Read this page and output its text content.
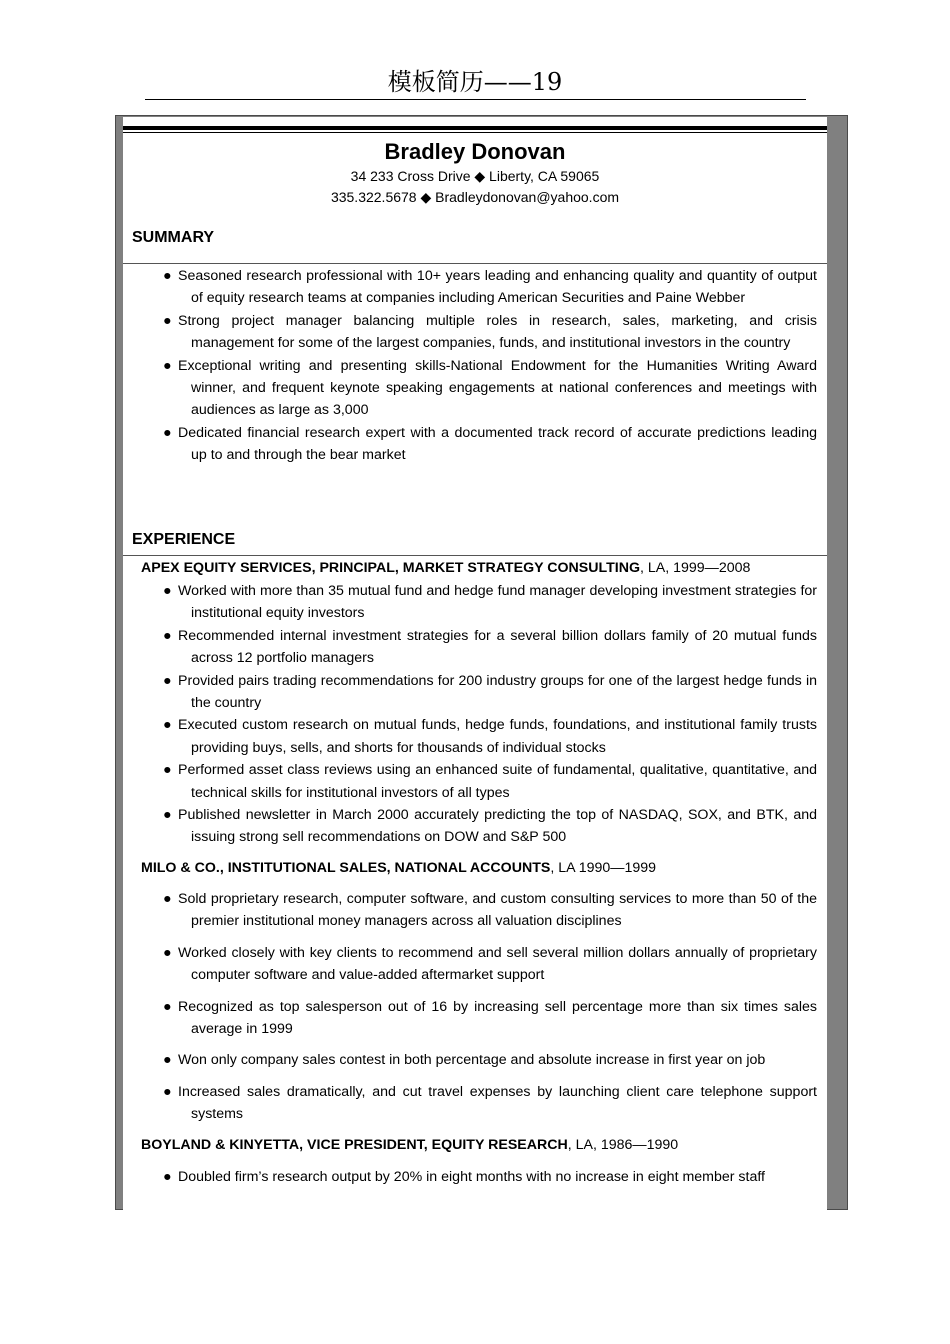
模板简历——19
Bradley Donovan
34 233 Cross Drive ◆ Liberty, CA 59065
335.322.5678 ◆ Bradleydonovan@yahoo.com
SUMMARY
● Seasoned research professional with 10+ years leading and enhancing quality and quantity of output of equity research teams at companies including American Securities and Paine Webber
● Strong project manager balancing multiple roles in research, sales, marketing, and crisis management for some of the largest companies, funds, and institutional investors in the country
● Exceptional writing and presenting skills-National Endowment for the Humanities Writing Award winner, and frequent keynote speaking engagements at national conferences and meetings with audiences as large as 3,000
● Dedicated financial research expert with a documented track record of accurate predictions leading up to and through the bear market
EXPERIENCE
APEX EQUITY SERVICES, PRINCIPAL, MARKET STRATEGY CONSULTING, LA, 1999—2008
● Worked with more than 35 mutual fund and hedge fund manager developing investment strategies for institutional equity investors
● Recommended internal investment strategies for a several billion dollars family of 20 mutual funds across 12 portfolio managers
● Provided pairs trading recommendations for 200 industry groups for one of the largest hedge funds in the country
● Executed custom research on mutual funds, hedge funds, foundations, and institutional family trusts providing buys, sells, and shorts for thousands of individual stocks
● Performed asset class reviews using an enhanced suite of fundamental, qualitative, quantitative, and technical skills for institutional investors of all types
● Published newsletter in March 2000 accurately predicting the top of NASDAQ, SOX, and BTK, and issuing strong sell recommendations on DOW and S&P 500
MILO & CO., INSTITUTIONAL SALES, NATIONAL ACCOUNTS, LA 1990—1999
● Sold proprietary research, computer software, and custom consulting services to more than 50 of the premier institutional money managers across all valuation disciplines
● Worked closely with key clients to recommend and sell several million dollars annually of proprietary computer software and value-added aftermarket support
● Recognized as top salesperson out of 16 by increasing sell percentage more than six times sales average in 1999
● Won only company sales contest in both percentage and absolute increase in first year on job
● Increased sales dramatically, and cut travel expenses by launching client care telephone support systems
BOYLAND & KINYETTA, VICE PRESIDENT, EQUITY RESEARCH, LA, 1986—1990
● Doubled firm’s research output by 20% in eight months with no increase in eight member staff
